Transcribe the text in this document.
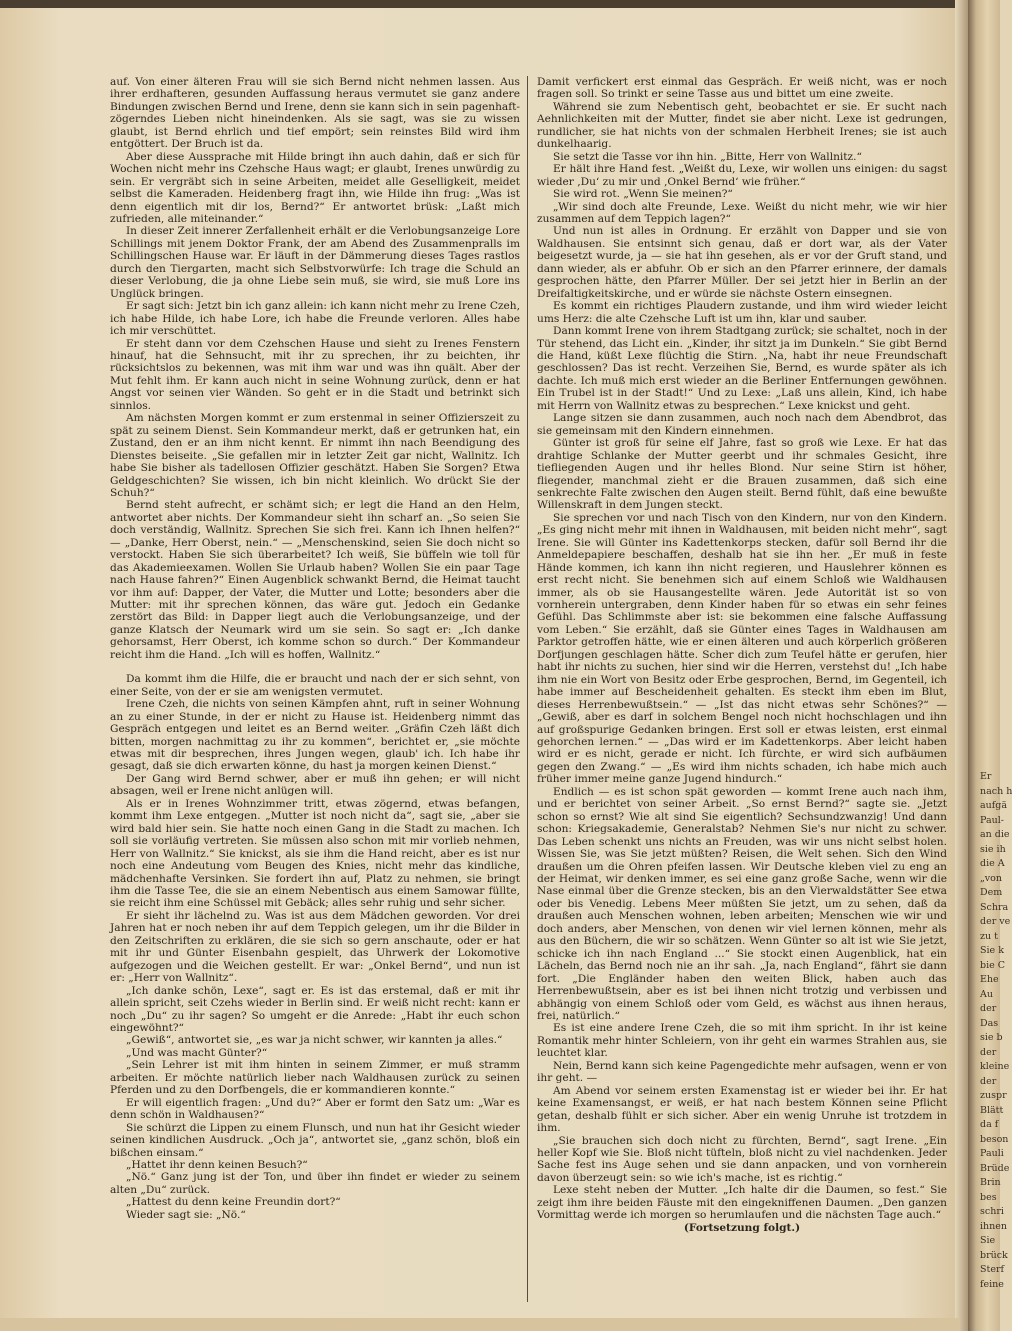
auf. Von einer älteren Frau will sie sich Bernd nicht nehmen lassen. Aus ihrer erdhafteren, gesunden Auffassung heraus vermutet sie ganz andere Bindungen zwischen Bernd und Irene, denn sie kann sich in sein pagenhaft-zögerndes Lieben nicht hineindenken. Als sie sagt, was sie zu wissen glaubt, ist Bernd ehrlich und tief empört; sein reinstes Bild wird ihm entgöttert. Der Bruch ist da.

Aber diese Aussprache mit Hilde bringt ihn auch dahin, daß er sich für Wochen nicht mehr ins Czehsche Haus wagt; er glaubt, Irenes unwürdig zu sein. Er vergräbt sich in seine Arbeiten, meidet alle Geselligkeit, meidet selbst die Kameraden. Heidenberg fragt ihn, wie Hilde ihn frug: „Was ist denn eigentlich mit dir los, Bernd?“ Er antwortet brüsk: „Laßt mich zufrieden, alle miteinander.“

In dieser Zeit innerer Zerfallenheit erhält er die Verlobungsanzeige Lore Schillings mit jenem Doktor Frank, der am Abend des Zusammenpralls im Schillingschen Hause war. Er läuft in der Dämmerung dieses Tages rastlos durch den Tiergarten, macht sich Selbstvorwürfe: Ich trage die Schuld an dieser Verlobung, die ja ohne Liebe sein muß, sie wird, sie muß Lore ins Unglück bringen.

Er sagt sich: Jetzt bin ich ganz allein: ich kann nicht mehr zu Irene Czeh, ich habe Hilde, ich habe Lore, ich habe die Freunde verloren. Alles habe ich mir verschüttet.

Er steht dann vor dem Czehschen Hause und sieht zu Irenes Fenstern hinauf, hat die Sehnsucht, mit ihr zu sprechen, ihr zu beichten, ihr rücksichtslos zu bekennen, was mit ihm war und was ihn quält. Aber der Mut fehlt ihm. Er kann auch nicht in seine Wohnung zurück, denn er hat Angst vor seinen vier Wänden. So geht er in die Stadt und betrinkt sich sinnlos.

Am nächsten Morgen kommt er zum erstenmal in seiner Offizierszeit zu spät zu seinem Dienst. Sein Kommandeur merkt, daß er getrunken hat, ein Zustand, den er an ihm nicht kennt. Er nimmt ihn nach Beendigung des Dienstes beiseite. „Sie gefallen mir in letzter Zeit gar nicht, Wallnitz. Ich habe Sie bisher als tadellosen Offizier geschätzt. Haben Sie Sorgen? Etwa Geldgeschichten? Sie wissen, ich bin nicht kleinlich. Wo drückt Sie der Schuh?“

Bernd steht aufrecht, er schämt sich; er legt die Hand an den Helm, antwortet aber nichts. Der Kommandeur sieht ihn scharf an. „So seien Sie doch verständig, Wallnitz. Sprechen Sie sich frei. Kann ich Ihnen helfen?“ — „Danke, Herr Oberst, nein.“ — „Menschenskind, seien Sie doch nicht so verstockt. Haben Sie sich überarbeitet? Ich weiß, Sie büffeln wie toll für das Akademieexamen. Wollen Sie Urlaub haben? Wollen Sie ein paar Tage nach Hause fahren?“ Einen Augenblick schwankt Bernd, die Heimat taucht vor ihm auf: Dapper, der Vater, die Mutter und Lotte; besonders aber die Mutter: mit ihr sprechen können, das wäre gut. Jedoch ein Gedanke zerstört das Bild: in Dapper liegt auch die Verlobungsanzeige, und der ganze Klatsch der Neumark wird um sie sein. So sagt er: „Ich danke gehorsamst, Herr Oberst, ich komme schon so durch.“ Der Kommandeur reicht ihm die Hand. „Ich will es hoffen, Wallnitz.“

Da kommt ihm die Hilfe, die er braucht und nach der er sich sehnt, von einer Seite, von der er sie am wenigsten vermutet.

Irene Czeh, die nichts von seinen Kämpfen ahnt, ruft in seiner Wohnung an zu einer Stunde, in der er nicht zu Hause ist. Heidenberg nimmt das Gespräch entgegen und leitet es an Bernd weiter. „Gräfin Czeh läßt dich bitten, morgen nachmittag zu ihr zu kommen“, berichtet er, „sie möchte etwas mit dir besprechen, ihres Jungen wegen, glaub' ich. Ich habe ihr gesagt, daß sie dich erwarten könne, du hast ja morgen keinen Dienst.“

Der Gang wird Bernd schwer, aber er muß ihn gehen; er will nicht absagen, weil er Irene nicht anlügen will.

Als er in Irenes Wohnzimmer tritt, etwas zögernd, etwas befangen, kommt ihm Lexe entgegen. „Mutter ist noch nicht da“, sagt sie, „aber sie wird bald hier sein. Sie hatte noch einen Gang in die Stadt zu machen. Ich soll sie vorläufig vertreten. Sie müssen also schon mit mir vorlieb nehmen, Herr von Wallnitz.“ Sie knickst, als sie ihm die Hand reicht, aber es ist nur noch eine Andeutung vom Beugen des Knies, nicht mehr das kindliche, mädchenhafte Versinken. Sie fordert ihn auf, Platz zu nehmen, sie bringt ihm die Tasse Tee, die sie an einem Nebentisch aus einem Samowar füllte, sie reicht ihm eine Schüssel mit Gebäck; alles sehr ruhig und sehr sicher.

Er sieht ihr lächelnd zu. Was ist aus dem Mädchen geworden. Vor drei Jahren hat er noch neben ihr auf dem Teppich gelegen, um ihr die Bilder in den Zeitschriften zu erklären, die sie sich so gern anschaute, oder er hat mit ihr und Günter Eisenbahn gespielt, das Uhrwerk der Lokomotive aufgezogen und die Weichen gestellt. Er war: „Onkel Bernd“, und nun ist er: „Herr von Wallnitz“.

„Ich danke schön, Lexe“, sagt er. Es ist das erstemal, daß er mit ihr allein spricht, seit Czehs wieder in Berlin sind. Er weiß nicht recht: kann er noch „Du“ zu ihr sagen? So umgeht er die Anrede: „Habt ihr euch schon eingewöhnt?“

„Gewiß“, antwortet sie, „es war ja nicht schwer, wir kannten ja alles.“

„Und was macht Günter?“

„Sein Lehrer ist mit ihm hinten in seinem Zimmer, er muß stramm arbeiten. Er möchte natürlich lieber nach Waldhausen zurück zu seinen Pferden und zu den Dorfbengels, die er kommandieren konnte.“

Er will eigentlich fragen: „Und du?“ Aber er formt den Satz um: „War es denn schön in Waldhausen?“

Sie schürzt die Lippen zu einem Flunsch, und nun hat ihr Gesicht wieder seinen kindlichen Ausdruck. „Och ja“, antwortet sie, „ganz schön, bloß ein bißchen einsam.“

„Hattet ihr denn keinen Besuch?“

„Nö.“ Ganz jung ist der Ton, und über ihn findet er wieder zu seinem alten „Du“ zurück.

„Hattest du denn keine Freundin dort?“

Wieder sagt sie: „Nö.“

Damit verfickert erst einmal das Gespräch. Er weiß nicht, was er noch fragen soll. So trinkt er seine Tasse aus und bittet um eine zweite.

Während sie zum Nebentisch geht, beobachtet er sie. Er sucht nach Aehnlichkeiten mit der Mutter, findet sie aber nicht. Lexe ist gedrungen, rundlicher, sie hat nichts von der schmalen Herbheit Irenes; sie ist auch dunkelhaarig.

Sie setzt die Tasse vor ihn hin. „Bitte, Herr von Wallnitz.“

Er hält ihre Hand fest. „Weißt du, Lexe, wir wollen uns einigen: du sagst wieder ‚Du‘ zu mir und ‚Onkel Bernd‘ wie früher.“

Sie wird rot. „Wenn Sie meinen?“

„Wir sind doch alte Freunde, Lexe. Weißt du nicht mehr, wie wir hier zusammen auf dem Teppich lagen?“

Und nun ist alles in Ordnung. Er erzählt von Dapper und sie von Waldhausen. Sie entsinnt sich genau, daß er dort war, als der Vater beigesetzt wurde, ja — sie hat ihn gesehen, als er vor der Gruft stand, und dann wieder, als er abfuhr. Ob er sich an den Pfarrer erinnere, der damals gesprochen hätte, den Pfarrer Müller. Der sei jetzt hier in Berlin an der Dreifaltigkeitskirche, und er würde sie nächste Ostern einsegnen.

Es kommt ein richtiges Plaudern zustande, und ihm wird wieder leicht ums Herz: die alte Czehsche Luft ist um ihn, klar und sauber.

Dann kommt Irene von ihrem Stadtgang zurück; sie schaltet, noch in der Tür stehend, das Licht ein. „Kinder, ihr sitzt ja im Dunkeln.“ Sie gibt Bernd die Hand, küßt Lexe flüchtig die Stirn. „Na, habt ihr neue Freundschaft geschlossen? Das ist recht. Verzeihen Sie, Bernd, es wurde später als ich dachte. Ich muß mich erst wieder an die Berliner Entfernungen gewöhnen. Ein Trubel ist in der Stadt!“ Und zu Lexe: „Laß uns allein, Kind, ich habe mit Herrn von Wallnitz etwas zu besprechen.“ Lexe knickst und geht.

Lange sitzen sie dann zusammen, auch noch nach dem Abendbrot, das sie gemeinsam mit den Kindern einnehmen.

Günter ist groß für seine elf Jahre, fast so groß wie Lexe. Er hat das drahtige Schlanke der Mutter geerbt und ihr schmales Gesicht, ihre tiefliegenden Augen und ihr helles Blond. Nur seine Stirn ist höher, fliegender, manchmal zieht er die Brauen zusammen, daß sich eine senkrechte Falte zwischen den Augen steilt. Bernd fühlt, daß eine bewußte Willenskraft in dem Jungen steckt.

Sie sprechen vor und nach Tisch von den Kindern, nur von den Kindern. „Es ging nicht mehr mit ihnen in Waldhausen, mit beiden nicht mehr“, sagt Irene. Sie will Günter ins Kadettenkorps stecken, dafür soll Bernd ihr die Anmeldepapiere beschaffen, deshalb hat sie ihn her. „Er muß in feste Hände kommen, ich kann ihn nicht regieren, und Hauslehrer können es erst recht nicht. Sie benehmen sich auf einem Schloß wie Waldhausen immer, als ob sie Hausangestellte wären. Jede Autorität ist so von vornherein untergraben, denn Kinder haben für so etwas ein sehr feines Gefühl. Das Schlimmste aber ist: sie bekommen eine falsche Auffassung vom Leben.“ Sie erzählt, daß sie Günter eines Tages in Waldhausen am Parktor getroffen hätte, wie er einen älteren und auch körperlich größeren Dorfjungen geschlagen hätte. Scher dich zum Teufel hätte er gerufen, hier habt ihr nichts zu suchen, hier sind wir die Herren, verstehst du! „Ich habe ihm nie ein Wort von Besitz oder Erbe gesprochen, Bernd, im Gegenteil, ich habe immer auf Bescheidenheit gehalten. Es steckt ihm eben im Blut, dieses Herrenbewußtsein.“ — „Ist das nicht etwas sehr Schönes?“ — „Gewiß, aber es darf in solchem Bengel noch nicht hochschlagen und ihn auf großspurige Gedanken bringen. Erst soll er etwas leisten, erst einmal gehorchen lernen.“ — „Das wird er im Kadettenkorps. Aber leicht haben wird er es nicht, gerade er nicht. Ich fürchte, er wird sich aufbäumen gegen den Zwang.“ — „Es wird ihm nichts schaden, ich habe mich auch früher immer meine ganze Jugend hindurch.“

Endlich — es ist schon spät geworden — kommt Irene auch nach ihm, und er berichtet von seiner Arbeit. „So ernst Bernd?“ sagte sie. „Jetzt schon so ernst? Wie alt sind Sie eigentlich? Sechsundzwanzig! Und dann schon: Kriegsakademie, Generalstab? Nehmen Sie's nur nicht zu schwer. Das Leben schenkt uns nichts an Freuden, was wir uns nicht selbst holen. Wissen Sie, was Sie jetzt müßten? Reisen, die Welt sehen. Sich den Wind draußen um die Ohren pfeifen lassen. Wir Deutsche kleben viel zu eng an der Heimat, wir denken immer, es sei eine ganz große Sache, wenn wir die Nase einmal über die Grenze stecken, bis an den Vierwaldstätter See etwa oder bis Venedig. Lebens Meer müßten Sie jetzt, um zu sehen, daß da draußen auch Menschen wohnen, leben arbeiten; Menschen wie wir und doch anders, aber Menschen, von denen wir viel lernen können, mehr als aus den Büchern, die wir so schätzen. Wenn Günter so alt ist wie Sie jetzt, schicke ich ihn nach England ...“ Sie stockt einen Augenblick, hat ein Lächeln, das Bernd noch nie an ihr sah. „Ja, nach England“, fährt sie dann fort. „Die Engländer haben den weiten Blick, haben auch das Herrenbewußtsein, aber es ist bei ihnen nicht trotzig und verbissen und abhängig von einem Schloß oder vom Geld, es wächst aus ihnen heraus, frei, natürlich.“

Es ist eine andere Irene Czeh, die so mit ihm spricht. In ihr ist keine Romantik mehr hinter Schleiern, von ihr geht ein warmes Strahlen aus, sie leuchtet klar.

Nein, Bernd kann sich keine Pagengedichte mehr aufsagen, wenn er von ihr geht. —

Am Abend vor seinem ersten Examenstag ist er wieder bei ihr. Er hat keine Examensangst, er weiß, er hat nach bestem Können seine Pflicht getan, deshalb fühlt er sich sicher. Aber ein wenig Unruhe ist trotzdem in ihm.

„Sie brauchen sich doch nicht zu fürchten, Bernd“, sagt Irene. „Ein heller Kopf wie Sie. Bloß nicht tüfteln, bloß nicht zu viel nachdenken. Jeder Sache fest ins Auge sehen und sie dann anpacken, und von vornherein davon überzeugt sein: so wie ich's mache, ist es richtig.“

Lexe steht neben der Mutter. „Ich halte dir die Daumen, so fest.“ Sie zeigt ihm ihre beiden Fäuste mit den eingekniffenen Daumen. „Den ganzen Vormittag werde ich morgen so herumlaufen und die nächsten Tage auch.“

(Fortsetzung folgt.)

Er
nach h
aufgä
Paul-
an die
sie ih
die A
„von
Dem
Schra
der ve
zu t
Sie k
bie C
Ehe
Au
der
Das
sie b
der
kleine
der
zuspr
Blätt
da f
beson
Pauli
Brüde
Brin
bes
schri
ihnen
Sie
brück
Sterf
feine
